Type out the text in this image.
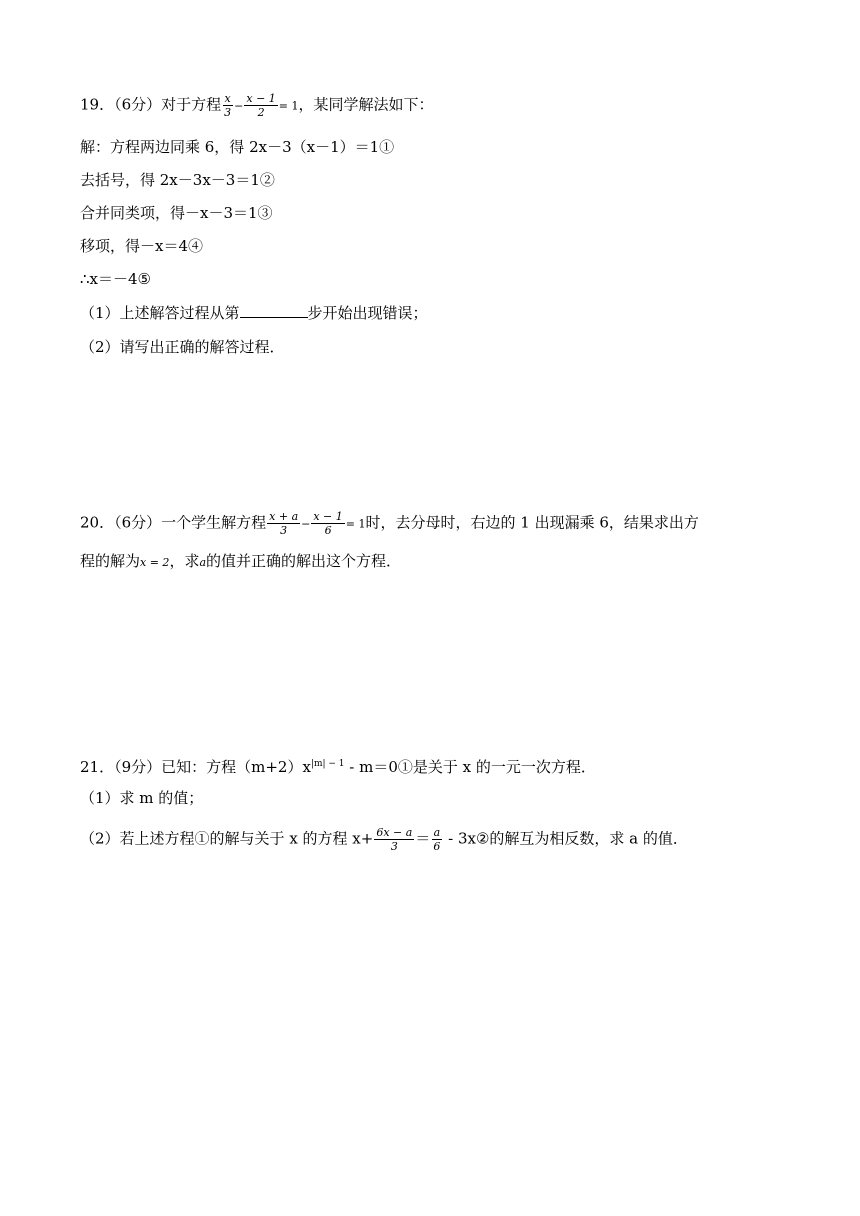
19．（6分）对于方程 $\frac{x}{3} - \frac{x - 1}{2} = 1$，某同学解法如下：
解：方程两边同乘 6，得 2x－3（x－1）＝1①
去括号，得 2x－3x－3＝1②
合并同类项，得－x－3＝1③
移项，得－x＝4④
∴x＝－4⑤
（1）上述解答过程从第	步开始出现错误；
（2）请写出正确的解答过程．
20．（6分）一个学生解方程 $\frac{x + a}{3} - \frac{x - 1}{6} = 1$时，去分母时，右边的 1 出现漏乘 6，结果求出方
程的解为x = 2，求a的值并正确的解出这个方程．
21．（9分）已知：方程$(m+2)x^{|m| - 1}$ - m＝0①是关于 x 的一元一次方程．
（1）求 m 的值；
（2）若上述方程①的解与关于 x 的方程 $x+ \frac{6x - a}{3} = \frac{a}{6}$ - 3x②的解互为相反数，求 a 的值．
